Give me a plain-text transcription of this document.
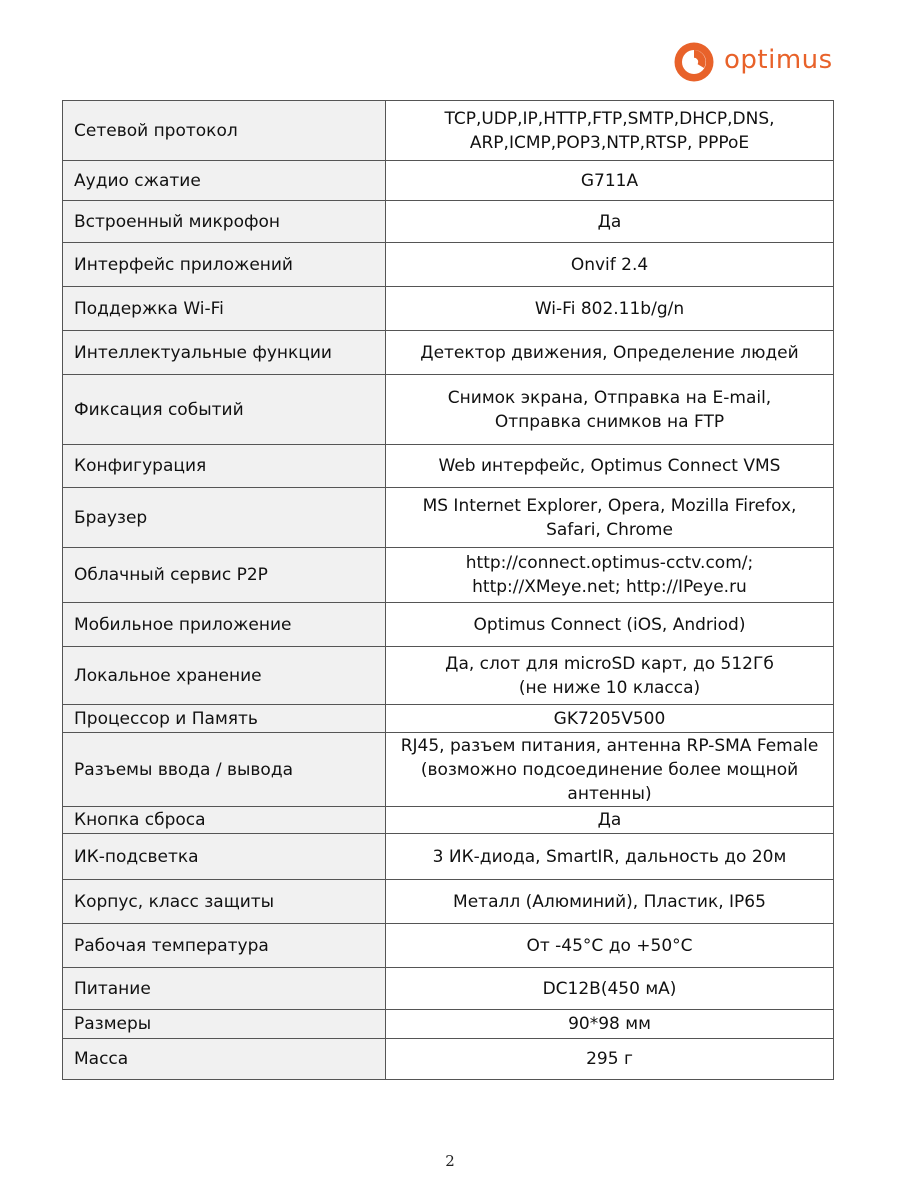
optimus
Сетевой протокол	TCP,UDP,IP,HTTP,FTP,SMTP,DHCP,DNS,
ARP,ICMP,POP3,NTP,RTSP, PPPoE
Аудио сжатие	G711A
Встроенный микрофон	Да
Интерфейс приложений	Onvif 2.4
Поддержка Wi-Fi	Wi-Fi 802.11b/g/n
Интеллектуальные функции	Детектор движения, Определение людей
Фиксация событий	Снимок экрана, Отправка на E-mail,
Отправка снимков на FTP
Конфигурация	Web интерфейс, Optimus Connect VMS
Браузер	MS Internet Explorer, Opera, Mozilla Firefox,
Safari, Chrome
Облачный сервис P2P	http://connect.optimus-cctv.com/;
http://XMeye.net; http://IPeye.ru
Мобильное приложение	Optimus Connect (iOS, Andriod)
Локальное хранение	Да, слот для microSD карт, до 512Гб
(не ниже 10 класса)
Процессор и Память	GK7205V500
Разъемы ввода / вывода	RJ45, разъем питания, антенна RP-SMA Female
(возможно подсоединение более мощной
антенны)
Кнопка сброса	Да
ИК-подсветка	3 ИК-диода, SmartIR, дальность до 20м
Корпус, класс защиты	Металл (Алюминий), Пластик, IP65
Рабочая температура	От -45°C до +50°C
Питание	DC12В(450 мА)
Размеры	90*98 мм
Масса	295 г
2
